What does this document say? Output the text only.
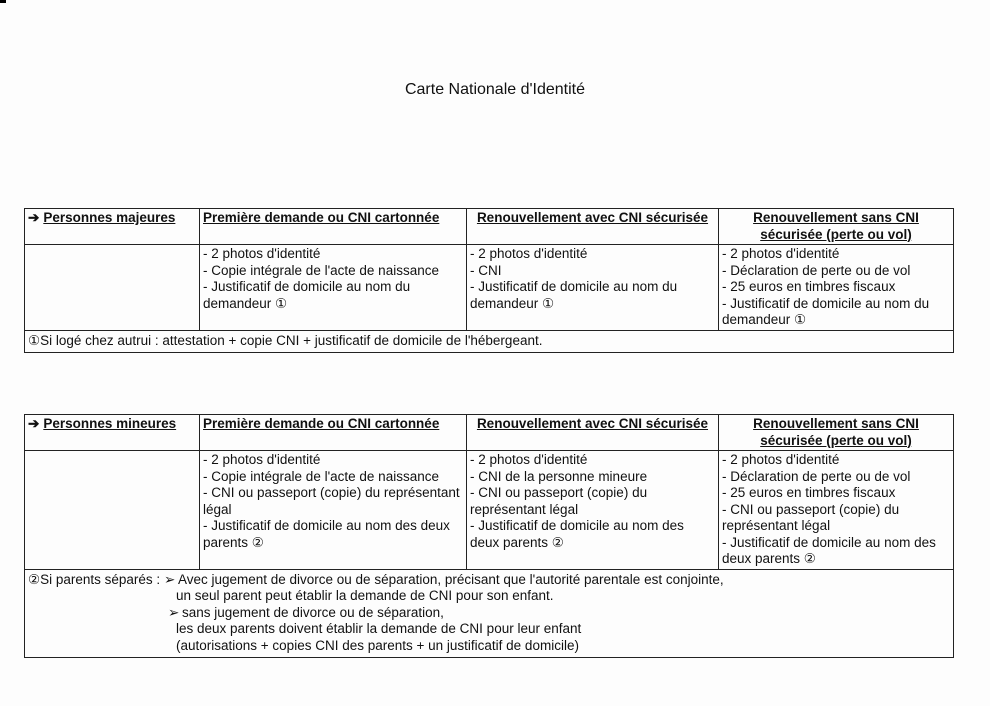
Carte Nationale d'Identité
➔ Personnes majeures	Première demande ou CNI cartonnée	Renouvellement avec CNI sécurisée	Renouvellement sans CNI sécurisée (perte ou vol)

	- 2 photos d'identité
- Copie intégrale de l'acte de naissance
- Justificatif de domicile au nom du demandeur ①	- 2 photos d'identité
- CNI
- Justificatif de domicile au nom du demandeur ①	- 2 photos d'identité
- Déclaration de perte ou de vol
- 25 euros en timbres fiscaux
- Justificatif de domicile au nom du demandeur ①

①Si logé chez autrui : attestation + copie CNI + justificatif de domicile de l'hébergeant.			
➔ Personnes mineures	Première demande ou CNI cartonnée	Renouvellement avec CNI sécurisée	Renouvellement sans CNI sécurisée (perte ou vol)

	- 2 photos d'identité
- Copie intégrale de l'acte de naissance
- CNI ou passeport (copie) du représentant légal
- Justificatif de domicile au nom des deux parents ②	- 2 photos d'identité
- CNI de la personne mineure
- CNI ou passeport (copie) du représentant légal
- Justificatif de domicile au nom des deux parents ②	- 2 photos d'identité
- Déclaration de perte ou de vol
- 25 euros en timbres fiscaux
- CNI ou passeport (copie) du représentant légal
- Justificatif de domicile au nom des deux parents ②

②Si parents séparés : ➢ Avec jugement de divorce ou de séparation, précisant que l'autorité parentale est conjointe,
un seul parent peut établir la demande de CNI pour son enfant.
➢ sans jugement de divorce ou de séparation,
les deux parents doivent établir la demande de CNI pour leur enfant
(autorisations + copies CNI des parents + un justificatif de domicile)			
